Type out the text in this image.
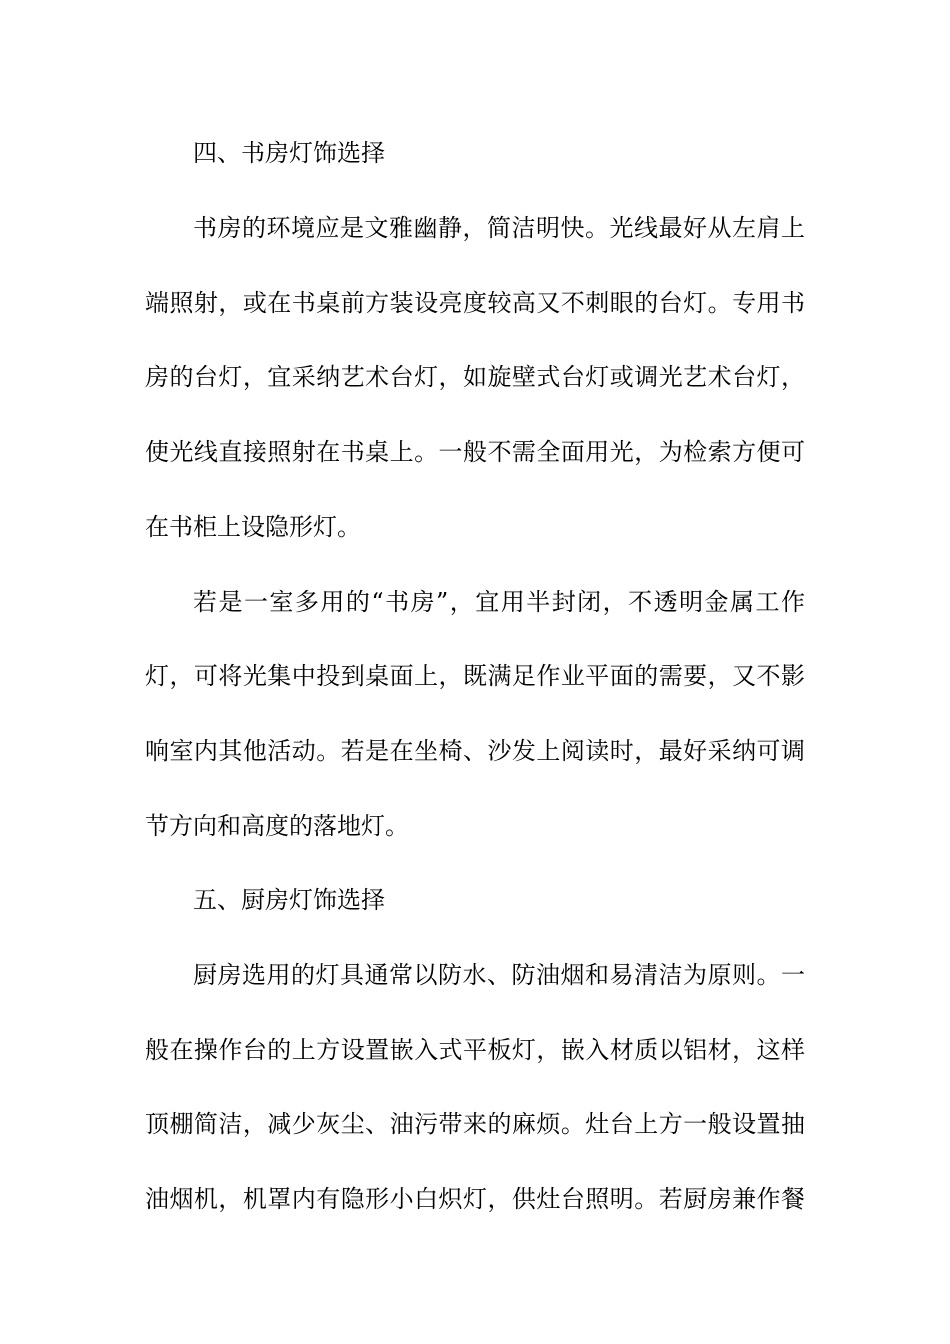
四、书房灯饰选择

书房的环境应是文雅幽静，简洁明快。光线最好从左肩上

端照射，或在书桌前方装设亮度较高又不刺眼的台灯。专用书

房的台灯，宜采纳艺术台灯，如旋壁式台灯或调光艺术台灯，

使光线直接照射在书桌上。一般不需全面用光，为检索方便可

在书柜上设隐形灯。

若是一室多用的“书房”，宜用半封闭，不透明金属工作

灯，可将光集中投到桌面上，既满足作业平面的需要，又不影

响室内其他活动。若是在坐椅、沙发上阅读时，最好采纳可调

节方向和高度的落地灯。

五、厨房灯饰选择

厨房选用的灯具通常以防水、防油烟和易清洁为原则。一

般在操作台的上方设置嵌入式平板灯，嵌入材质以铝材，这样

顶棚简洁，减少灰尘、油污带来的麻烦。灶台上方一般设置抽

油烟机，机罩内有隐形小白炽灯，供灶台照明。若厨房兼作餐
